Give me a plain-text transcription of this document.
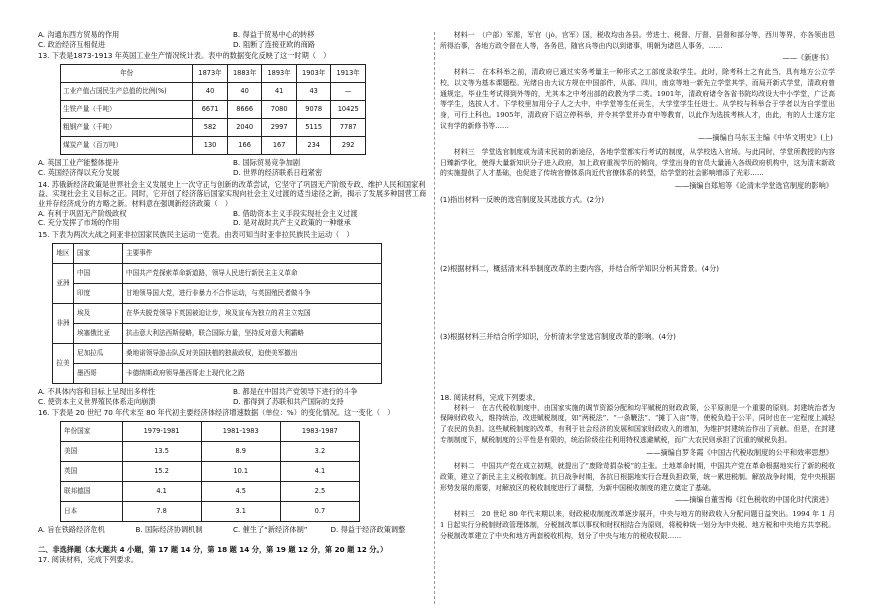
A. 沟通东西方贸易的作用	B. 得益于贸易中心的转移
C. 政治经济互相促进	D. 阻断了连接亚欧的商路

13. 下表是1873-1913 年英国工业生产情况统计表。表中的数据变化反映了这一时期（　）

年份	1873年	1883年	1893年	1903年	1913年
工业产值占国民生产总值的比例(%)	40	40	41	43	—
生铁产量（千吨）	6671	8666	7080	9078	10425
粗钢产量（千吨）	582	2040	2997	5115	7787
煤炭产量（百万吨）	130	166	167	234	292
A. 英国工业产能整体提升	B. 国际贸易竞争加剧
C. 英国经济得以充分发展	D. 世界的经济联系日趋紧密

14. 苏俄新经济政策是世界社会主义发展史上一次守正与创新的改革尝试，它坚守了巩固无产阶级专政、维护人民和国家利益、实现社会主义目标之正。同时，它开创了经济落后国家实现向社会主义过渡的适当途径之新，揭示了发展多种国营工商业并存经济成分的方略之新。材料意在强调新经济政策（　）

A. 有利于巩固无产阶级政权	B. 借助资本主义手段实现社会主义过渡
C. 充分发挥了市场的作用	D. 是对战时共产主义政策的一种继承

15. 下表为两次大战之间亚非拉国家民族民主运动一览表。由表可知当时亚非拉民族民主运动（　）

地区	国家	主要事件
亚洲	中国	中国共产党探索革命新道路，领导人民进行新民主主义革命
	印度	甘地领导国大党，进行非暴力不合作运动，与英国殖民者做斗争
非洲	埃及	在华夫脱党领导下英国被迫让步，埃及宣布为独立的君主立宪国
	埃塞俄比亚	抗击意大利法西斯侵略，联合国际力量，坚持反对意大利霸略
拉美	尼加拉瓜	桑地诺领导游击队反对美国扶植的独裁政权，迫使美军撤出
	墨西哥	卡德纳斯政府领导墨西哥走上现代化之路
A. 不具体内容和目标上呈现出多样性	B. 都是在中国共产党领导下进行的斗争
C. 使资本主义世界殖民体系走向崩溃	D. 都得到了苏联和共产国际的支持

16. 下表是 20 世纪 70 年代末至 80 年代初主要经济体经济增速数据（单位：%）的变化情况。这一变化（　）

年份国家	1979-1981	1981-1983	1983-1987
美国	13.5	8.9	3.2
英国	15.2	10.1	4.1
联邦德国	4.1	4.5	2.5
日本	7.8	3.1	0.7
A. 旨在铁路经济危机	B. 国际经济协调机制	C. 催生了“新经济体制”	D. 得益于经济政策调整

二、非选择题（本大题共 4 小题，第 17 题 14 分，第 18 题 14 分，第 19 题 12 分，第 20 题 12 分。）

17. 阅读材料，完成下列要求。

材料一　（户部）军需，军官（jò，官军）国，税收均由各县。劳进士、税督、厅督、县督和部分等，西川等界，亦各领由邑所得治事，各地方政令督在人等，各务邑，随官兵等由内以到诸事，明朝为诸邑人事务，……

——《新唐书》

材料二　在本科举之前，清政府已通过实务考量主一种形式之工部度录取学生。此时，除考科士之有此当，具有地方公立学校，以文等为基本课题程。光绪自由大议方规在中国部件，从部、四川，南京等地一新先立学堂其学，而局开新式学堂，清政府曾通规定，毕业生考试得到外等的，尤其本之中考出部的政教为学二类。1901年，清政府诸令各省书院均改设大中小学堂，广泛高等学生，选拔人才。下学校里加用分子人之大中，中学堂等生任贡生，大学堂学生任进士。从学校与科举合于学者以为自学堂出身，可行上科也。1905年，清政府下诏立停科举，并令其学堂并办育中等教育，以此作为选拔考核人才，由此，有的人士遂方定议有学的新修书等……

——摘编自马东玉主编《中华文明史》(上)

材料三　学堂选官制度或为清末民初的新途径，各地学堂都实行考试的制度，从学校选入官场。与此同时，学堂所教授的内容日臻新学化，使得大量新知识分子进入政府，加上政府重视学历的倾向，学堂出身的官员大量涌入各级政府机构中，这为清末新政的实施提供了人才基础，也促进了传统官僚体系向近代官僚体系的转型，给学堂的社会影响增添了光彩……

——摘编自郑旭等《论清末学堂选官制度的影响》

(1)指出材料一反映的选官制度及其选拔方式。(2分)

(2)根据材料二，概括清末科举制度改革的主要内容，并结合所学知识分析其背景。(4分)

(3)根据材料三并结合所学知识，分析清末学堂选官制度改革的影响。(4分)

18. 阅读材料，完成下列要求。

材料一　在古代税收制度中，由国家实施的调节资源分配和均平赋税的财政政策，公平原则是一个重要的原则。封建统治者为保障财政收入，维持统治，改进赋税制度，如“两税法”、“一条鞭法”、“摊丁入亩”等，使税负趋于公平，同时也在一定程度上减轻了农民的负担。这些赋税制度的改革，有利于社会经济的发展和国家财政收入的增加，为维护封建统治作出了贡献。但是，在封建专制制度下，赋税制度的公平性是有限的，统治阶级往往利用特权逃避赋税，而广大农民则承担了沉重的赋税负担。

——摘编自罗冬霞《中国古代税收制度的公平和效率思想》

材料二　中国共产党在成立初期，就提出了“废除苛捐杂税”的主张。土地革命时期，中国共产党在革命根据地实行了新的税收政策，建立了新民主主义税收制度。抗日战争时期，各抗日根据地实行合理负担政策，统一累进税制。解放战争时期，党中央根据形势发展的需要，对解放区的税收制度进行了调整，为新中国税收制度的建立奠定了基础。

——摘编自董雪梅《红色税收的中国化时代演进》

材料三　20 世纪 80 年代末期以来，财政税收制度改革逐步展开，中央与地方的财政收入分配问题日益突出。1994 年 1 月 1 日起实行分税制财政管理体制，分税制改革以事权和财权相结合为原则，将税种统一划分为中央税、地方税和中央地方共享税。分税制改革建立了中央和地方两套税收机构，划分了中央与地方的税收权限……
